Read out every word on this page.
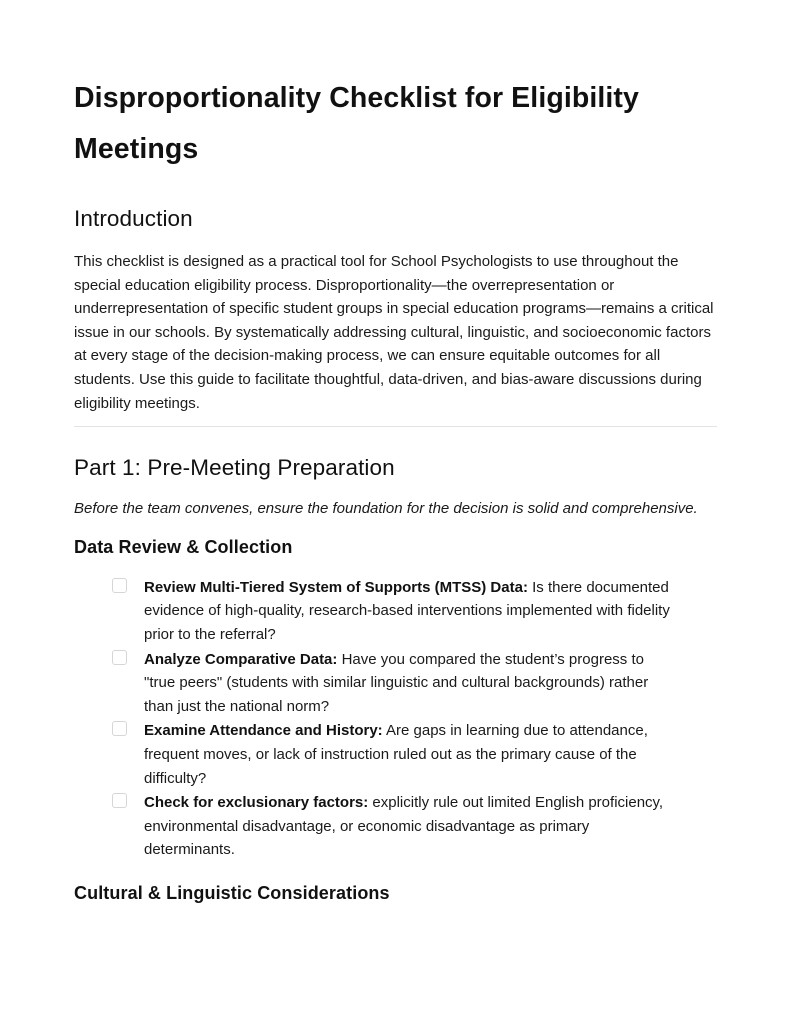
Disproportionality Checklist for Eligibility Meetings
Introduction

This checklist is designed as a practical tool for School Psychologists to use throughout the special education eligibility process. Disproportionality—the overrepresentation or underrepresentation of specific student groups in special education programs—remains a critical issue in our schools. By systematically addressing cultural, linguistic, and socioeconomic factors at every stage of the decision-making process, we can ensure equitable outcomes for all students. Use this guide to facilitate thoughtful, data-driven, and bias-aware discussions during eligibility meetings.

Part 1: Pre-Meeting Preparation

Before the team convenes, ensure the foundation for the decision is solid and comprehensive.

Data Review & Collection
Review Multi-Tiered System of Supports (MTSS) Data: Is there documented evidence of high-quality, research-based interventions implemented with fidelity prior to the referral?
Analyze Comparative Data: Have you compared the student’s progress to "true peers" (students with similar linguistic and cultural backgrounds) rather than just the national norm?
Examine Attendance and History: Are gaps in learning due to attendance, frequent moves, or lack of instruction ruled out as the primary cause of the difficulty?
Check for exclusionary factors: explicitly rule out limited English proficiency, environmental disadvantage, or economic disadvantage as primary determinants.
Cultural & Linguistic Considerations
